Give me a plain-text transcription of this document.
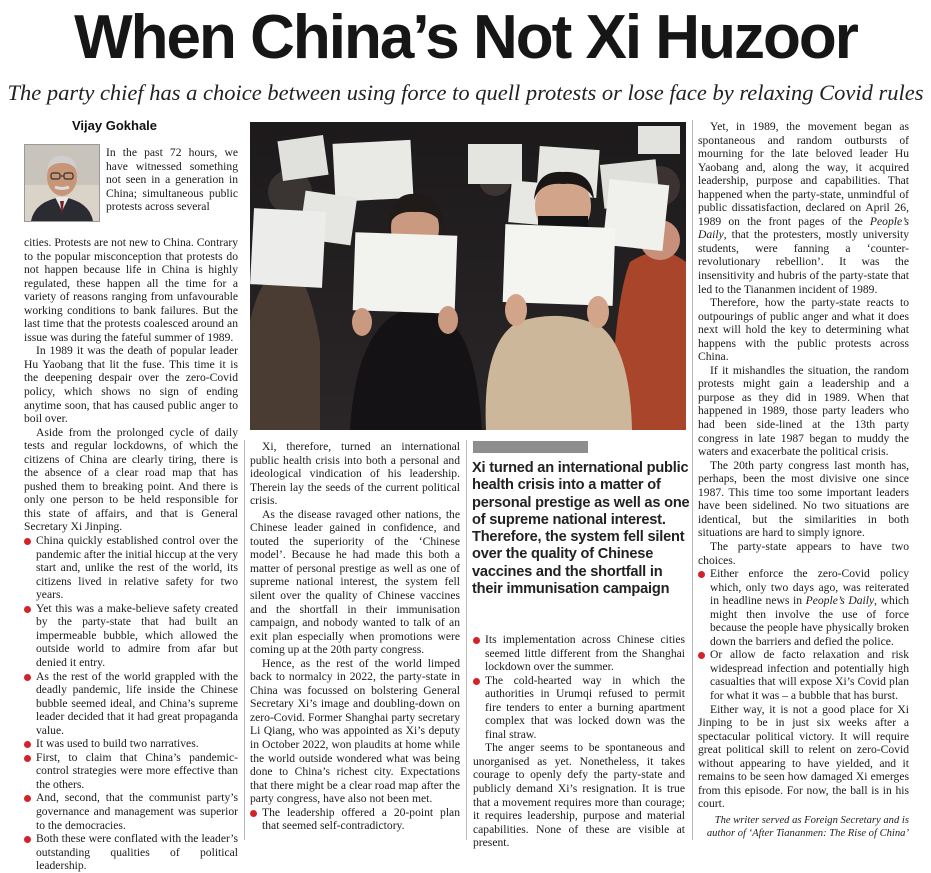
When China’s Not Xi Huzoor
The party chief has a choice between using force to quell protests or lose face by relaxing Covid rules
Vijay Gokhale

In the past 72 hours, we have witnessed something not seen in a generation in China; simultaneous public protests across several

cities. Protests are not new to China. Contrary to the popular misconception that protests do not happen because life in China is highly regulated, these happen all the time for a variety of reasons ranging from unfavourable working conditions to bank failures. But the last time that the protests coalesced around an issue was during the fateful summer of 1989.

In 1989 it was the death of popular leader Hu Yaobang that lit the fuse. This time it is the deepening despair over the zero-Covid policy, which shows no sign of ending anytime soon, that has caused public anger to boil over.

Aside from the prolonged cycle of daily tests and regular lockdowns, of which the citizens of China are clearly tiring, there is the absence of a clear road map that has pushed them to breaking point. And there is only one person to be held responsible for this state of affairs, and that is General Secretary Xi Jinping.

China quickly established control over the pandemic after the initial hiccup at the very start and, unlike the rest of the world, its citizens lived in relative safety for two years.
Yet this was a make-believe safety created by the party-state that had built an impermeable bubble, which allowed the outside world to admire from afar but denied it entry.
As the rest of the world grappled with the deadly pandemic, life inside the Chinese bubble seemed ideal, and China’s supreme leader decided that it had great propaganda value.
It was used to build two narratives.
First, to claim that China’s pandemic-control strategies were more effective than the others.
And, second, that the communist party’s governance and management was superior to the democracies.
Both these were conflated with the leader’s outstanding qualities of political leadership.

Xi, therefore, turned an international public health crisis into both a personal and ideological vindication of his leadership. Therein lay the seeds of the current political crisis.

As the disease ravaged other nations, the Chinese leader gained in confidence, and touted the superiority of the ‘Chinese model’. Because he had made this both a matter of personal prestige as well as one of supreme national interest, the system fell silent over the quality of Chinese vaccines and the shortfall in their immunisation campaign, and nobody wanted to talk of an exit plan especially when promotions were coming up at the 20th party congress.

Hence, as the rest of the world limped back to normalcy in 2022, the party-state in China was focussed on bolstering General Secretary Xi’s image and doubling-down on zero-Covid. Former Shanghai party secretary Li Qiang, who was appointed as Xi’s deputy in October 2022, won plaudits at home while the world outside wondered what was being done to China’s richest city. Expectations that there might be a clear road map after the party congress, have also not been met.

The leadership offered a 20-point plan that seemed self-contradictory.
Xi turned an international public health crisis into a matter of personal prestige as well as one of supreme national interest. Therefore, the system fell silent over the quality of Chinese vaccines and the shortfall in their immunisation campaign
Its implementation across Chinese cities seemed little different from the Shanghai lockdown over the summer.
The cold-hearted way in which the authorities in Urumqi refused to permit fire tenders to enter a burning apartment complex that was locked down was the final straw.

The anger seems to be spontaneous and unorganised as yet. Nonetheless, it takes courage to openly defy the party-state and publicly demand Xi’s resignation. It is true that a movement requires more than courage; it requires leadership, purpose and material capabilities. None of these are visible at present.

Yet, in 1989, the movement began as spontaneous and random outbursts of mourning for the late beloved leader Hu Yaobang and, along the way, it acquired leadership, purpose and capabilities. That happened when the party-state, unmindful of public dissatisfaction, declared on April 26, 1989 on the front pages of the People’s Daily, that the protesters, mostly university students, were fanning a ‘counter-revolutionary rebellion’. It was the insensitivity and hubris of the party-state that led to the Tiananmen incident of 1989.

Therefore, how the party-state reacts to outpourings of public anger and what it does next will hold the key to determining what happens with the public protests across China.

If it mishandles the situation, the random protests might gain a leadership and a purpose as they did in 1989. When that happened in 1989, those party leaders who had been side-lined at the 13th party congress in late 1987 began to muddy the waters and exacerbate the political crisis.

The 20th party congress last month has, perhaps, been the most divisive one since 1987. This time too some important leaders have been sidelined. No two situations are identical, but the similarities in both situations are hard to simply ignore.

The party-state appears to have two choices.

Either enforce the zero-Covid policy which, only two days ago, was reiterated in headline news in People’s Daily, which might then involve the use of force because the people have physically broken down the barriers and defied the police.
Or allow de facto relaxation and risk widespread infection and potentially high casualties that will expose Xi’s Covid plan for what it was – a bubble that has burst.

Either way, it is not a good place for Xi Jinping to be in just six weeks after a spectacular political victory. It will require great political skill to relent on zero-Covid without appearing to have yielded, and it remains to be seen how damaged Xi emerges from this episode. For now, the ball is in his court.

The writer served as Foreign Secretary and is
author of ‘After Tiananmen: The Rise of China’
